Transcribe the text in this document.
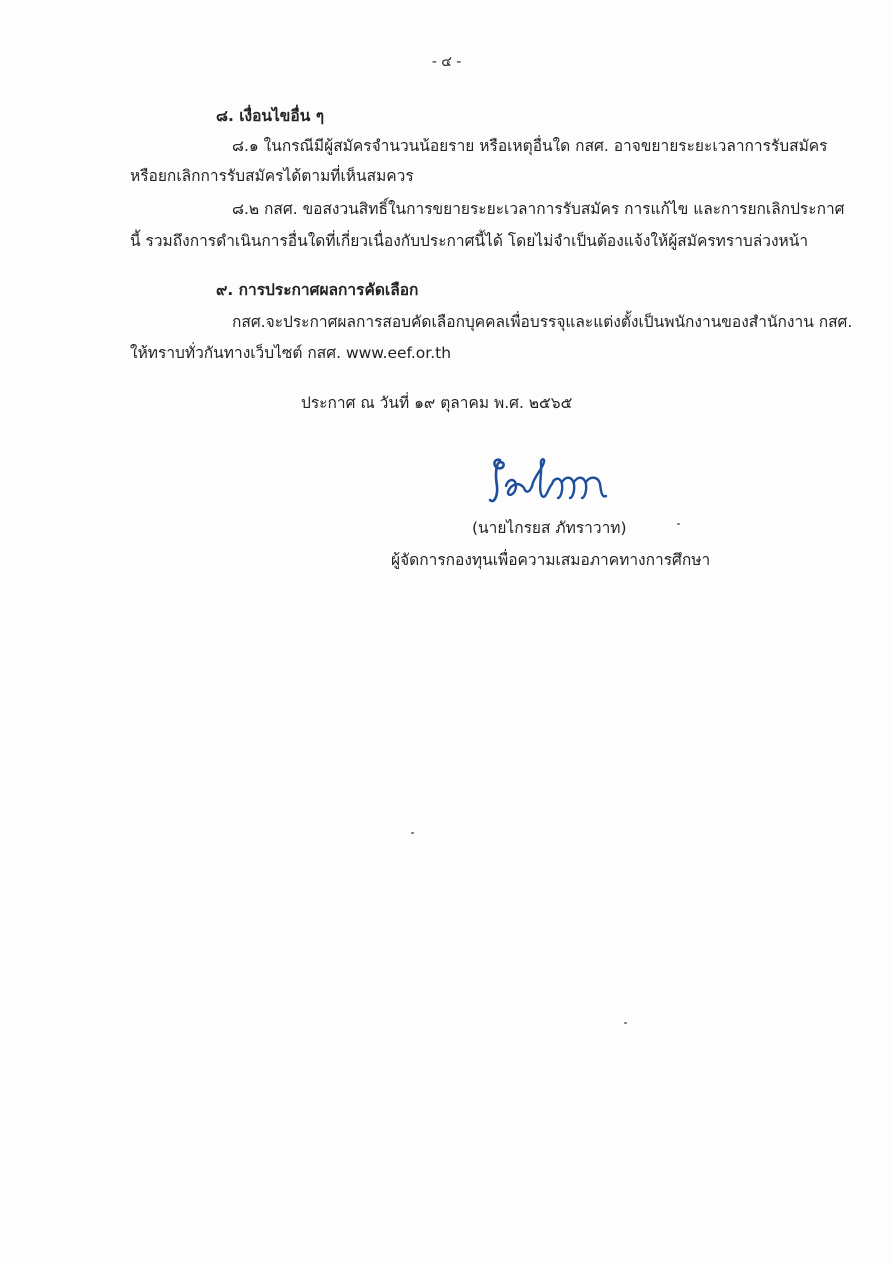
- ๔ -
๘. เงื่อนไขอื่น ๆ
๘.๑ ในกรณีมีผู้สมัครจำนวนน้อยราย หรือเหตุอื่นใด กสศ. อาจขยายระยะเวลาการรับสมัคร
หรือยกเลิกการรับสมัครได้ตามที่เห็นสมควร
๘.๒ กสศ. ขอสงวนสิทธิ์ในการขยายระยะเวลาการรับสมัคร การแก้ไข และการยกเลิกประกาศ
นี้ รวมถึงการดำเนินการอื่นใดที่เกี่ยวเนื่องกับประกาศนี้ได้ โดยไม่จำเป็นต้องแจ้งให้ผู้สมัครทราบล่วงหน้า
๙. การประกาศผลการคัดเลือก
กสศ.จะประกาศผลการสอบคัดเลือกบุคคลเพื่อบรรจุและแต่งตั้งเป็นพนักงานของสำนักงาน กสศ.
ให้ทราบทั่วกันทางเว็บไซต์ กสศ. www.eef.or.th
ประกาศ ณ วันที่ ๑๙ ตุลาคม พ.ศ. ๒๕๖๕
(นายไกรยส ภัทราวาท)
ผู้จัดการกองทุนเพื่อความเสมอภาคทางการศึกษา
